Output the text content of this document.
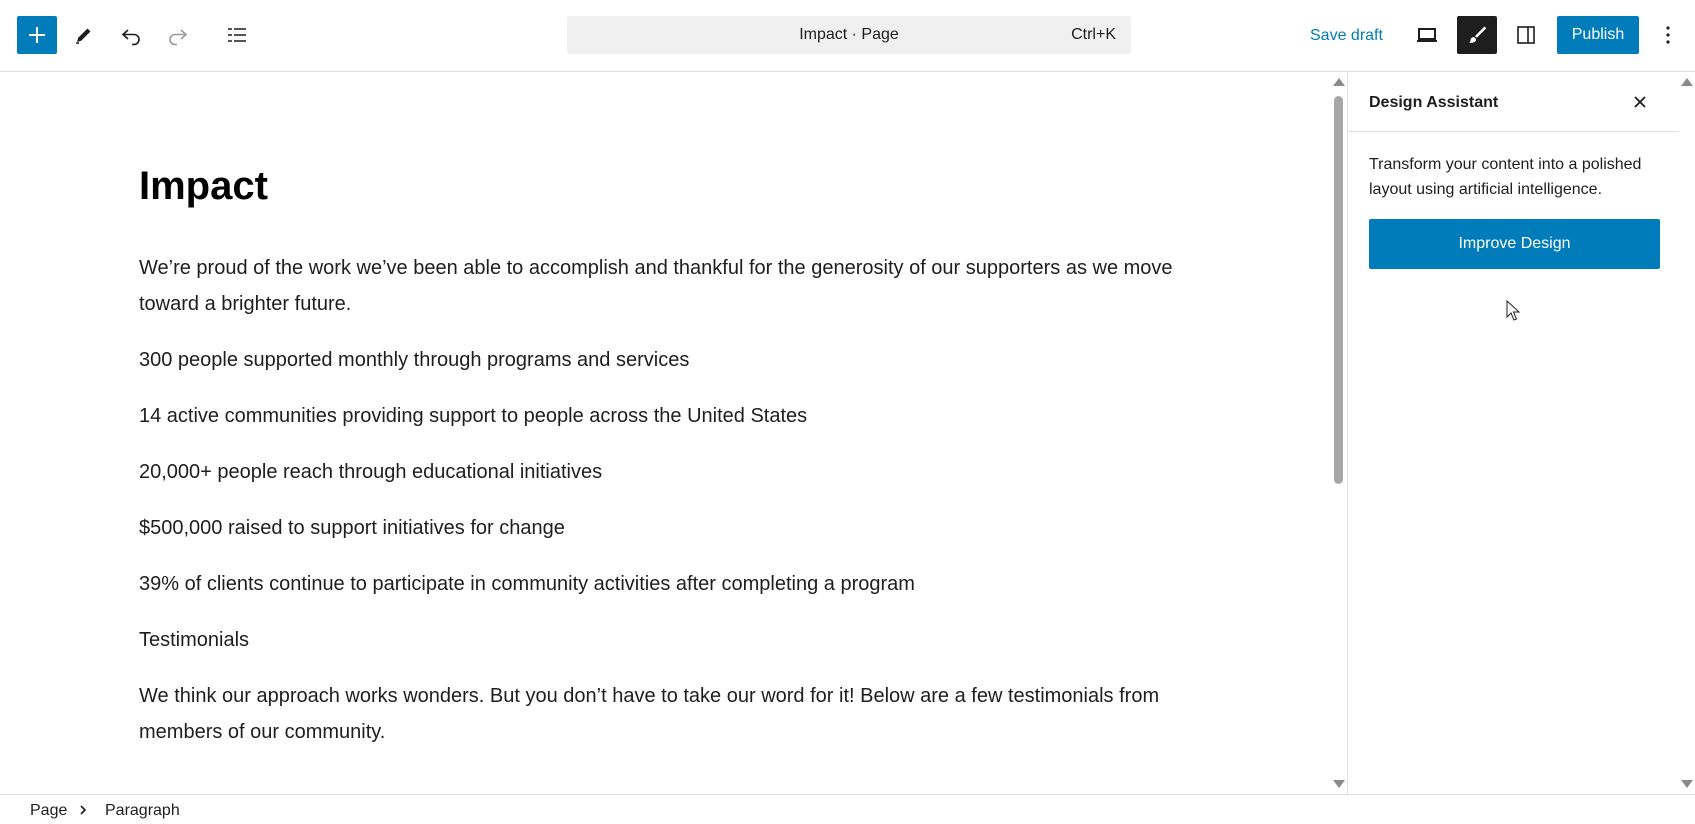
Impact · Page	Ctrl+K	Save draft	Publish
Impact

We’re proud of the work we’ve been able to accomplish and thankful for the generosity of our supporters as we move toward a brighter future.

300 people supported monthly through programs and services

14 active communities providing support to people across the United States

20,000+ people reach through educational initiatives

$500,000 raised to support initiatives for change

39% of clients continue to participate in community activities after completing a program

Testimonials

We think our approach works wonders. But you don’t have to take our word for it! Below are a few testimonials from members of our community.

Design Assistant
Transform your content into a polished layout using artificial intelligence.
Improve Design
Page Paragraph
